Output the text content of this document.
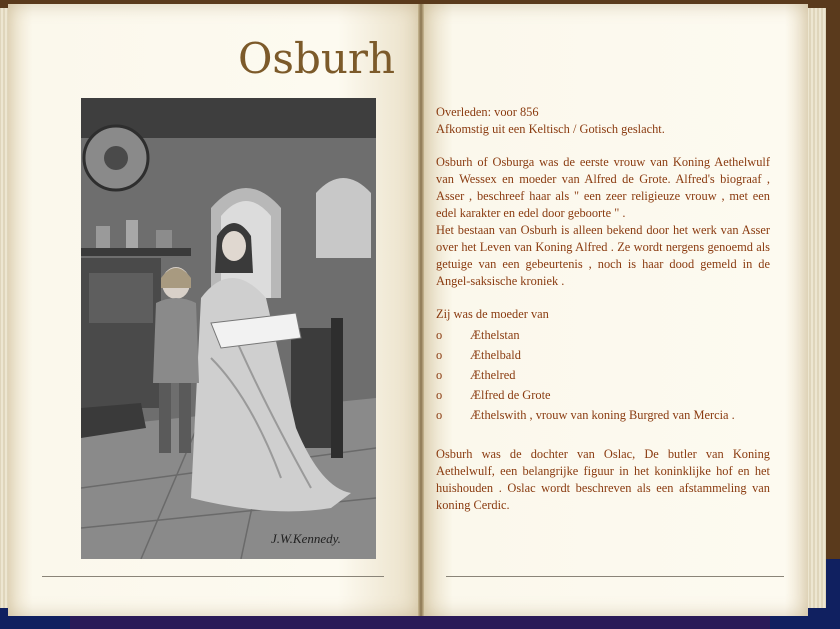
Osburh
J.W.Kennedy.

Overleden: voor 856

Afkomstig uit een Keltisch / Gotisch geslacht.

Osburh of Osburga was de eerste vrouw van Koning Aethelwulf van Wessex en moeder van Alfred de Grote. Alfred's biograaf , Asser , beschreef haar als " een zeer religieuze vrouw , met een edel karakter en edel door geboorte " .

Het bestaan van Osburh is alleen bekend door het werk van Asser over het Leven van Koning Alfred . Ze wordt nergens genoemd als getuige van een gebeurtenis , noch is haar dood gemeld in de Angel-saksische kroniek .

Zij was de moeder van

o Æthelstan
o Æthelbald
o Æthelred
o Ælfred de Grote
o Æthelswith , vrouw van koning Burgred van Mercia .

Osburh was de dochter van Oslac, De butler van Koning Aethelwulf, een belangrijke figuur in het koninklijke hof en het huishouden . Oslac wordt beschreven als een afstammeling van koning Cerdic.
